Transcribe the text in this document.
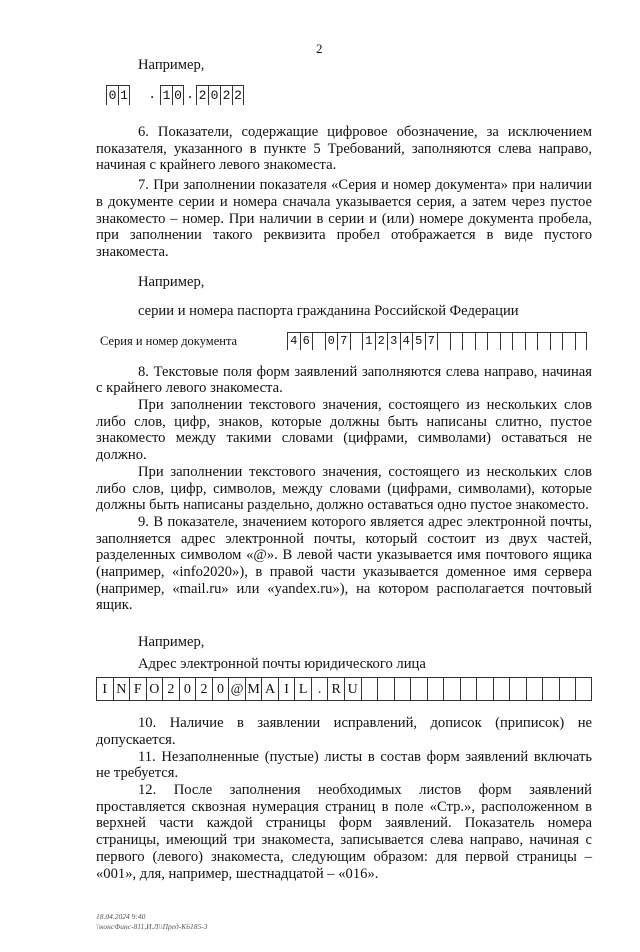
2
Например,
0 1	. 1 0 . 2 0 2 2

6. Показатели, содержащие цифровое обозначение, за исключением показателя, указанного в пункте 5 Требований, заполняются слева направо, начиная с крайнего левого знакоместа.

7. При заполнении показателя «Серия и номер документа» при наличии в документе серии и номера сначала указывается серия, а затем через пустое знакоместо – номер. При наличии в серии и (или) номере документа пробела, при заполнении такого реквизита пробел отображается в виде пустого знакоместа.

Например,
серии и номера паспорта гражданина Российской Федерации
Серия и номер документа	4 6 0 7 1 2 3 4 5 7

8. Текстовые поля форм заявлений заполняются слева направо, начиная с крайнего левого знакоместа.

При заполнении текстового значения, состоящего из нескольких слов либо слов, цифр, знаков, которые должны быть написаны слитно, пустое знакоместо между такими словами (цифрами, символами) оставаться не должно.

При заполнении текстового значения, состоящего из нескольких слов либо слов, цифр, символов, между словами (цифрами, символами), которые должны быть написаны раздельно, должно оставаться одно пустое знакоместо.

9. В показателе, значением которого является адрес электронной почты, заполняется адрес электронной почты, который состоит из двух частей, разделенных символом «@». В левой части указывается имя почтового ящика (например, «info2020»), в правой части указывается доменное имя сервера (например, «mail.ru» или «yandex.ru»), на котором располагается почтовый ящик.

Например,
Адрес электронной почты юридического лица
I N F O 2 0 2 0 @ M A I L . R U

10. Наличие в заявлении исправлений, дописок (приписок) не допускается.

11. Незаполненные (пустые) листы в состав форм заявлений включать не требуется.

12. После заполнения необходимых листов форм заявлений проставляется сквозная нумерация страниц в поле «Стр.», расположенном в верхней части каждой страницы форм заявлений. Показатель номера страницы, имеющий три знакоместа, записывается слева направо, начиная с первого (левого) знакоместа, следующим образом: для первой страницы – «001», для, например, шестнадцатой – «016».

18.04.2024 9:40
\\консФинс-811,И.Л\\Пред-К6185-3
